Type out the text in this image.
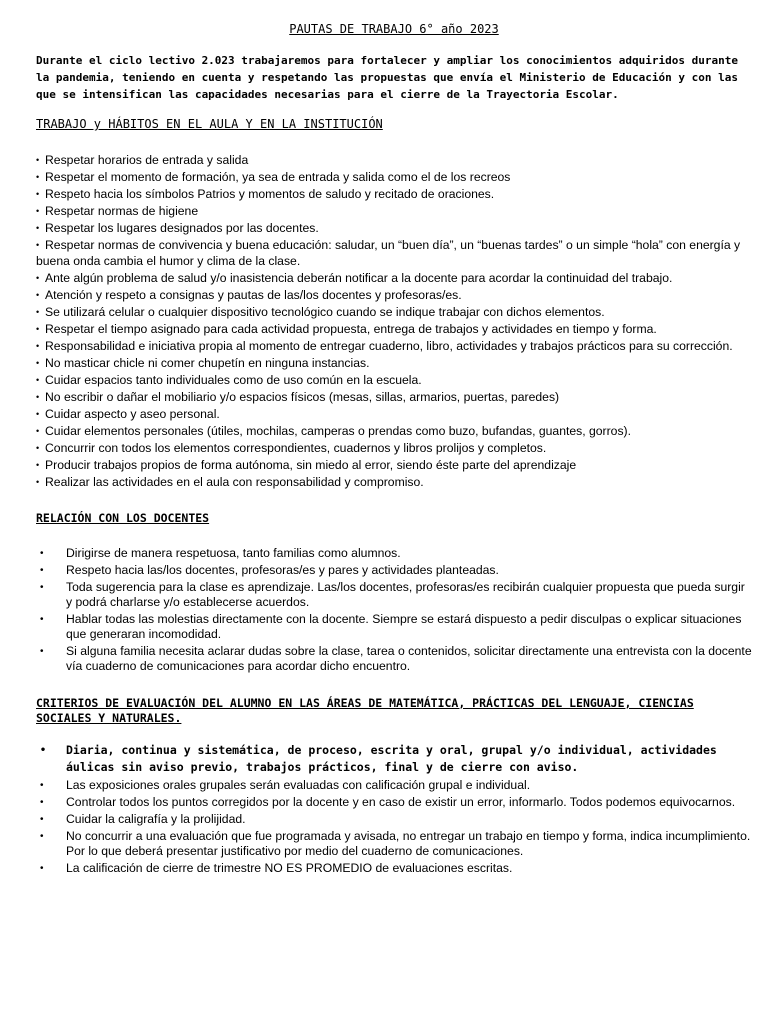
PAUTAS DE TRABAJO 6° año 2023

Durante el ciclo lectivo 2.023 trabajaremos para fortalecer y ampliar los conocimientos adquiridos durante la pandemia, teniendo en cuenta y respetando las propuestas que envía el Ministerio de Educación y con las que se intensifican las capacidades necesarias para el cierre de la Trayectoria Escolar.

TRABAJO y HÁBITOS EN EL AULA Y EN LA INSTITUCIÓN

• Respetar horarios de entrada y salida
• Respetar el momento de formación, ya sea de entrada y salida como el de los recreos
• Respeto hacia los símbolos Patrios y momentos de saludo y recitado de oraciones.
• Respetar normas de higiene
• Respetar los lugares designados por las docentes.
• Respetar normas de convivencia y buena educación: saludar, un “buen día”, un “buenas tardes” o un simple “hola” con energía y buena onda cambia el humor y clima de la clase.
• Ante algún problema de salud y/o inasistencia deberán notificar a la docente para acordar la continuidad del trabajo.
• Atención y respeto a consignas y pautas de las/los docentes y profesoras/es.
• Se utilizará celular o cualquier dispositivo tecnológico cuando se indique trabajar con dichos elementos.
• Respetar el tiempo asignado para cada actividad propuesta, entrega de trabajos y actividades en tiempo y forma.
• Responsabilidad e iniciativa propia al momento de entregar cuaderno, libro, actividades y trabajos prácticos para su corrección.
• No masticar chicle ni comer chupetín en ninguna instancias.
• Cuidar espacios tanto individuales como de uso común en la escuela.
• No escribir o dañar el mobiliario y/o espacios físicos (mesas, sillas, armarios, puertas, paredes)
• Cuidar aspecto y aseo personal.
• Cuidar elementos personales (útiles, mochilas, camperas o prendas como buzo, bufandas, guantes, gorros).
• Concurrir con todos los elementos correspondientes, cuadernos y libros prolijos y completos.
• Producir trabajos propios de forma autónoma, sin miedo al error, siendo éste parte del aprendizaje
• Realizar las actividades en el aula con responsabilidad y compromiso.

RELACIÓN CON LOS DOCENTES

• Dirigirse de manera respetuosa, tanto familias como alumnos.
• Respeto hacia las/los docentes, profesoras/es y pares y actividades planteadas.
• Toda sugerencia para la clase es aprendizaje. Las/los docentes, profesoras/es recibirán cualquier propuesta que pueda surgir y podrá charlarse y/o establecerse acuerdos.
• Hablar todas las molestias directamente con la docente. Siempre se estará dispuesto a pedir disculpas o explicar situaciones que generaran incomodidad.
• Si alguna familia necesita aclarar dudas sobre la clase, tarea o contenidos, solicitar directamente una entrevista con la docente vía cuaderno de comunicaciones para acordar dicho encuentro.

CRITERIOS DE EVALUACIÓN DEL ALUMNO EN LAS ÁREAS DE MATEMÁTICA, PRÁCTICAS DEL LENGUAJE, CIENCIAS SOCIALES Y NATURALES.

• Diaria, continua y sistemática, de proceso, escrita y oral, grupal y/o individual, actividades áulicas sin aviso previo, trabajos prácticos, final y de cierre con aviso.
• Las exposiciones orales grupales serán evaluadas con calificación grupal e individual.
• Controlar todos los puntos corregidos por la docente y en caso de existir un error, informarlo. Todos podemos equivocarnos.
• Cuidar la caligrafía y la prolijidad.
• No concurrir a una evaluación que fue programada y avisada, no entregar un trabajo en tiempo y forma, indica incumplimiento. Por lo que deberá presentar justificativo por medio del cuaderno de comunicaciones.
• La calificación de cierre de trimestre NO ES PROMEDIO de evaluaciones escritas.
